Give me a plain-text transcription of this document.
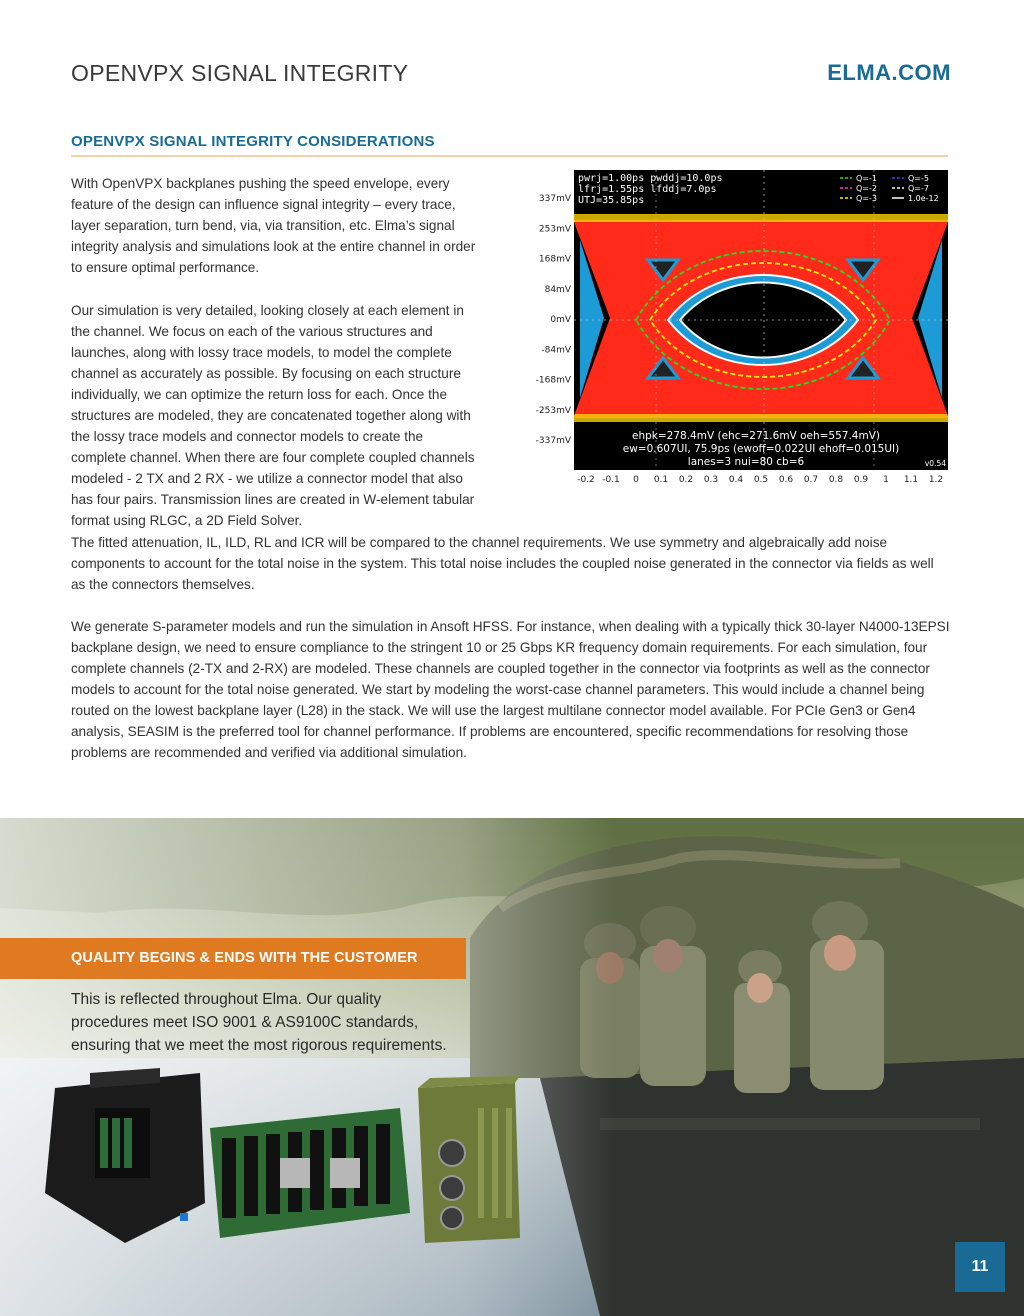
OPENVPX SIGNAL INTEGRITY	ELMA.COM
OPENVPX SIGNAL INTEGRITY CONSIDERATIONS

With OpenVPX backplanes pushing the speed envelope, every feature of the design can influence signal integrity – every trace, layer separation, turn bend, via, via transition, etc. Elma’s signal integrity analysis and simulations look at the entire channel in order to ensure optimal performance.

Our simulation is very detailed, looking closely at each element in the channel. We focus on each of the various structures and launches, along with lossy trace models, to model the complete channel as accurately as possible. By focusing on each structure individually, we can optimize the return loss for each. Once the structures are modeled, they are concatenated together along with the lossy trace models and connector models to create the complete channel. When there are four complete coupled channels modeled - 2 TX and 2 RX - we utilize a connector model that also has four pairs. Transmission lines are created in W-element tabular format using RLGC, a 2D Field Solver.

The fitted attenuation, IL, ILD, RL and ICR will be compared to the channel requirements. We use symmetry and algebraically add noise components to account for the total noise in the system. This total noise includes the coupled noise generated in the connector via fields as well as the connectors themselves.

We generate S-parameter models and run the simulation in Ansoft HFSS. For instance, when dealing with a typically thick 30-layer N4000-13EPSI backplane design, we need to ensure compliance to the stringent 10 or 25 Gbps KR frequency domain requirements. For each simulation, four complete channels (2-TX and 2-RX) are modeled. These channels are coupled together in the connector via footprints as well as the connector models to account for the total noise generated. We start by modeling the worst-case channel parameters. This would include a channel being routed on the lowest backplane layer (L28) in the stack. We will use the largest multilane connector model available. For PCIe Gen3 or Gen4 analysis, SEASIM is the preferred tool for channel performance. If problems are encountered, specific recommendations for resolving those problems are recommended and verified via additional simulation.

pwrj=1.00ps pwddj=10.0ps
lfrj=1.55ps lfddj=7.0ps
UTJ=35.85ps
Q=-1	Q=-5
Q=-2	Q=-7
Q=-3	1.0e-12
ehpk=278.4mV (ehc=271.6mV oeh=557.4mV)
ew=0.607UI, 75.9ps (ewoff=0.022UI ehoff=0.015UI)
lanes=3 nui=80 cb=6	v0.54
337mV
253mV
168mV
84mV
0mV
-84mV
-168mV
-253mV
-337mV
-0.2 -0.1 0 0.1 0.2 0.3 0.4 0.5 0.6 0.7 0.8 0.9 1 1.1 1.2
QUALITY BEGINS & ENDS WITH THE CUSTOMER
This is reflected throughout Elma. Our quality procedures meet ISO 9001 & AS9100C standards, ensuring that we meet the most rigorous requirements.
11
